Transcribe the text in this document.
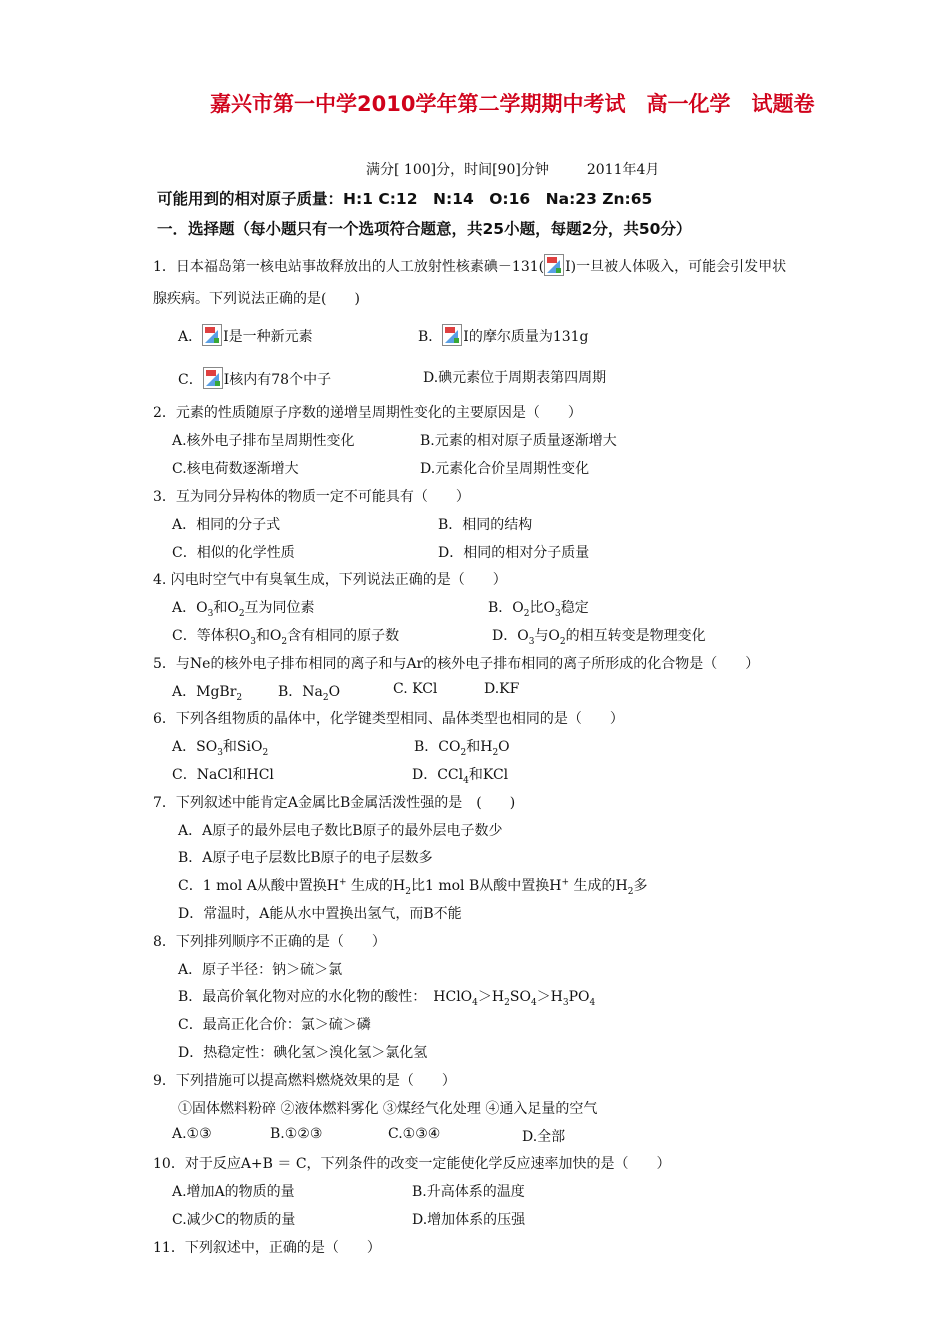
嘉兴市第一中学2010学年第二学期期中考试　高一化学　试题卷
满分[ 100]分，时间[90]分钟	2011年4月
可能用到的相对原子质量：H:1 C:12　N:14　O:16　Na:23 Zn:65
一．选择题（每小题只有一个选项符合题意，共25小题，每题2分，共50分）
1．日本福岛第一核电站事故释放出的人工放射性核素碘－131( I)一旦被人体吸入，可能会引发甲状
腺疾病。下列说法正确的是(　　)
A． I是一种新元素	B． I的摩尔质量为131g
C． I核内有78个中子	D.碘元素位于周期表第四周期
2．元素的性质随原子序数的递增呈周期性变化的主要原因是（　　）
A.核外电子排布呈周期性变化	B.元素的相对原子质量逐渐增大
C.核电荷数逐渐增大	D.元素化合价呈周期性变化
3．互为同分异构体的物质一定不可能具有（　　）
A．相同的分子式	B．相同的结构
C．相似的化学性质	D．相同的相对分子质量
4. 闪电时空气中有臭氧生成，下列说法正确的是（　　）
A．$O_3$和$O_2$互为同位素	B．$O_2$比$O_3$稳定
C．等体积$O_3$和$O_2$含有相同的原子数	D．$O_3$与$O_2$的相互转变是物理变化
5．与Ne的核外电子排布相同的离子和与Ar的核外电子排布相同的离子所形成的化合物是（　　）
A．MgBr$_2$	B．$Na_2O$	C. KCl	D.KF
6．下列各组物质的晶体中，化学键类型相同、晶体类型也相同的是（　　）
A．$SO_3$和SiO$_2$	B．$CO_2$和$H_2O$
C．NaCl和HCl	D．CCl$_4$和KCl
7．下列叙述中能肯定A金属比B金属活泼性强的是　(　　)
A．A原子的最外层电子数比B原子的最外层电子数少
B．A原子电子层数比B原子的电子层数多
C．1 mol A从酸中置换H+ 生成的$H_2$比1 mol B从酸中置换H+ 生成的$H_2$多
D．常温时，A能从水中置换出氢气，而B不能
8．下列排列顺序不正确的是（　　）
A．原子半径：钠＞硫＞氯
B．最高价氧化物对应的水化物的酸性：　$HClO_4>H_2SO_4>H_3PO_4$
C．最高正化合价：氯＞硫＞磷
D．热稳定性：碘化氢＞溴化氢＞氯化氢
9．下列措施可以提高燃料燃烧效果的是（　　）
①固体燃料粉碎 ②液体燃料雾化 ③煤经气化处理 ④通入足量的空气
A.①③	B.①②③	C.①③④	D.全部
10．对于反应A+B ＝ C，下列条件的改变一定能使化学反应速率加快的是（　　）
A.增加A的物质的量	B.升高体系的温度
C.减少C的物质的量	D.增加体系的压强
11．下列叙述中，正确的是（　　）
